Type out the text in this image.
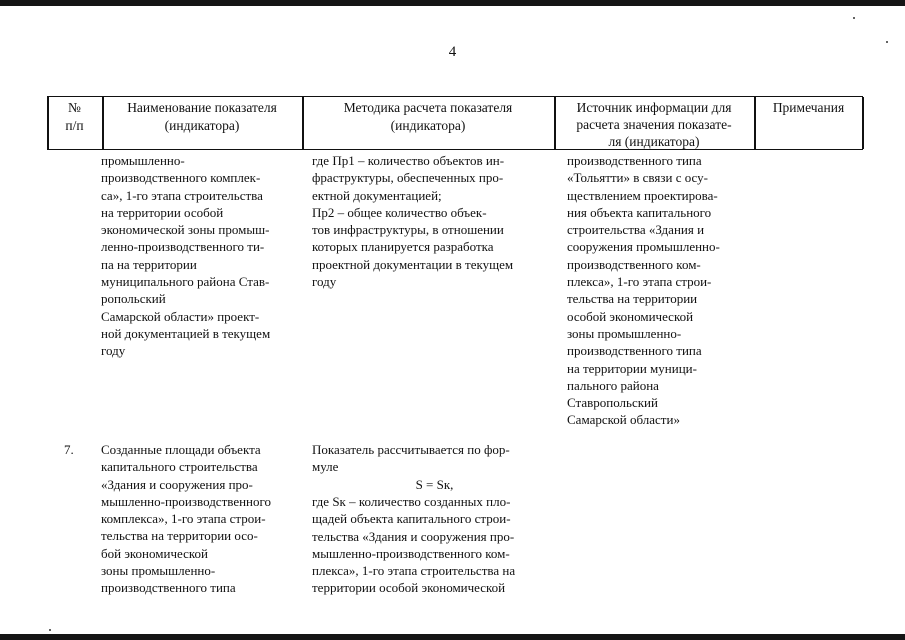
4
№
п/п
Наименование показателя
(индикатора)
Методика расчета показателя
(индикатора)
Источник информации для
расчета значения показате-
ля (индикатора)
Примечания
промышленно-
производственного комплек-
са», 1-го этапа строительства
на территории особой
экономической зоны промыш-
ленно-производственного ти-
па на территории
муниципального района Став-
ропольский
Самарской области» проект-
ной документацией в текущем
году
где Пр1 – количество объектов ин-
фраструктуры, обеспеченных про-
ектной документацией;
Пр2 – общее количество объек-
тов инфраструктуры, в отношении
которых планируется разработка
проектной документации в текущем
году
производственного типа
«Тольятти» в связи с осу-
ществлением проектирова-
ния объекта капитального
строительства «Здания и
сооружения промышленно-
производственного ком-
плекса», 1-го этапа строи-
тельства на территории
особой экономической
зоны промышленно-
производственного типа
на территории муници-
пального района
Ставропольский
Самарской области»
7.	Созданные площади объекта
капитального строительства
«Здания и сооружения про-
мышленно-производственного
комплекса», 1-го этапа строи-
тельства на территории осо-
бой экономической
зоны промышленно-
производственного типа
Показатель рассчитывается по фор-
муле
S = Sк,
где Sк – количество созданных пло-
щадей объекта капитального строи-
тельства «Здания и сооружения про-
мышленно-производственного ком-
плекса», 1-го этапа строительства на
территории особой экономической
